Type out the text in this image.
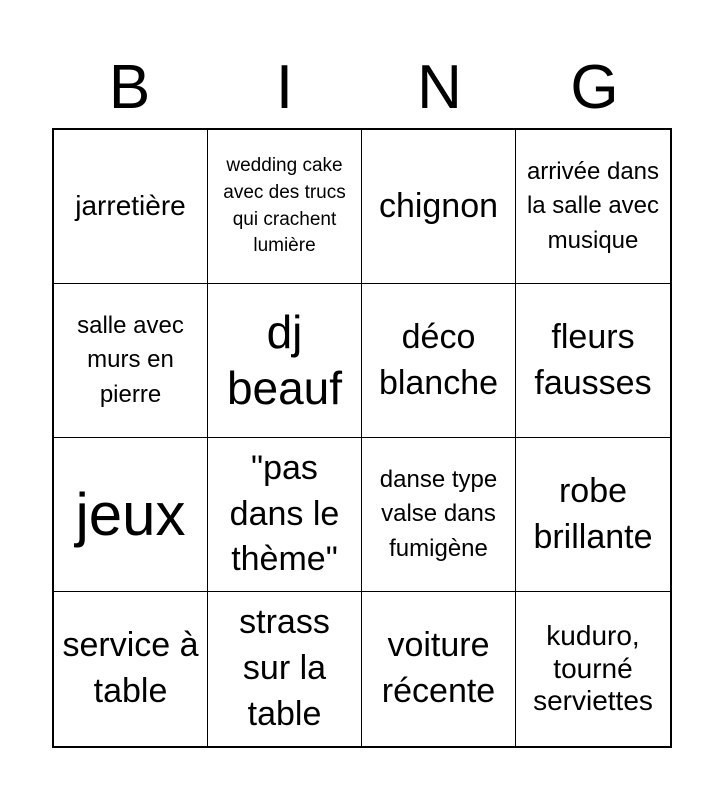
B	I	N	G
jarretière
wedding cake avec des trucs qui crachent lumière
chignon
arrivée dans la salle avec musique
salle avec murs en pierre
dj beauf
déco blanche
fleurs fausses
jeux
"pas dans le thème"
danse type valse dans fumigène
robe brillante
service à table
strass sur la table
voiture récente
kuduro, tourné serviettes
